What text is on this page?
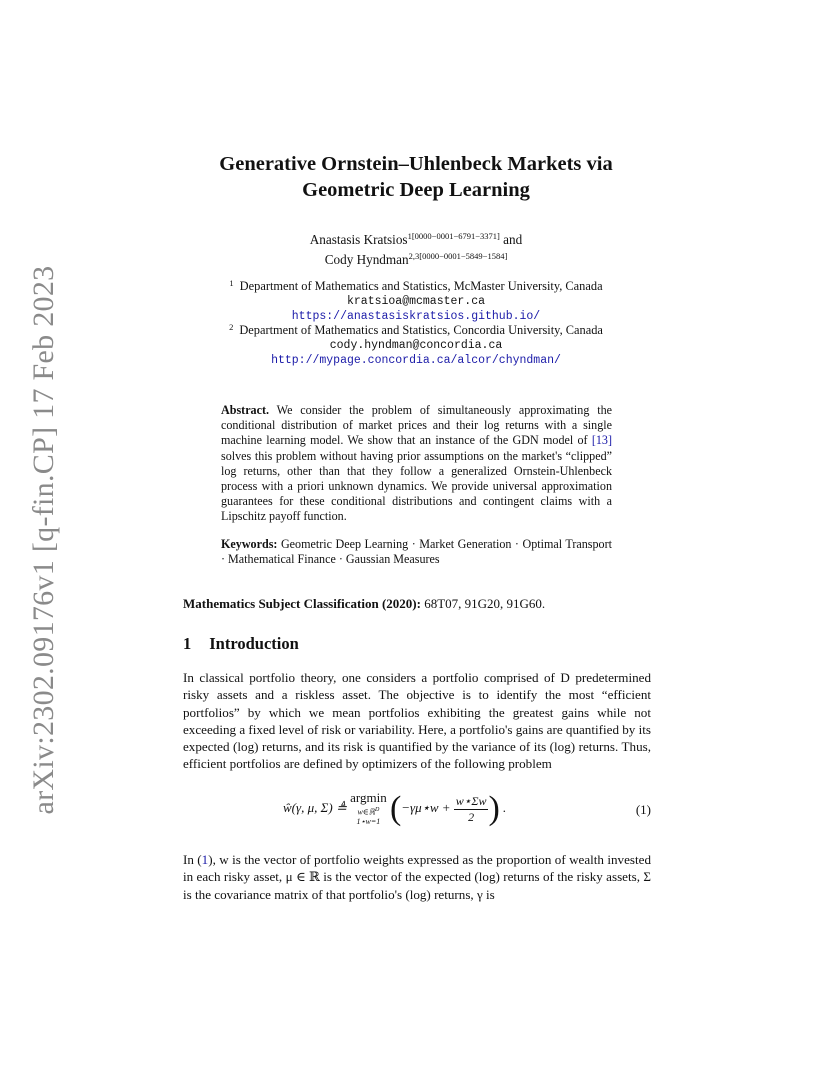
arXiv:2302.09176v1 [q-fin.CP] 17 Feb 2023
Generative Ornstein–Uhlenbeck Markets via
Geometric Deep Learning
Anastasis Kratsios$^{1[0000-0001-6791-3371]}$ and
Cody Hyndman$^{2,3[0000-0001-5849-1584]}$
$^1$ Department of Mathematics and Statistics, McMaster University, Canada
kratsioa@mcmaster.ca
https://anastasiskratsios.github.io/
$^2$ Department of Mathematics and Statistics, Concordia University, Canada
cody.hyndman@concordia.ca
http://mypage.concordia.ca/alcor/chyndman/
Abstract. We consider the problem of simultaneously approximating the conditional distribution of market prices and their log returns with a single machine learning model. We show that an instance of the GDN model of [13] solves this problem without having prior assumptions on the market's “clipped” log returns, other than that they follow a generalized Ornstein-Uhlenbeck process with a priori unknown dynamics. We provide universal approximation guarantees for these conditional distributions and contingent claims with a Lipschitz payoff function.
Keywords: Geometric Deep Learning · Market Generation · Optimal Transport · Mathematical Finance · Gaussian Measures
Mathematics Subject Classification (2020): 68T07, 91G20, 91G60.
1 Introduction
In classical portfolio theory, one considers a portfolio comprised of D predetermined risky assets and a riskless asset. The objective is to identify the most “efficient portfolios” by which we mean portfolios exhibiting the greatest gains while not exceeding a fixed level of risk or variability. Here, a portfolio's gains are quantified by its expected (log) returns, and its risk is quantified by the variance of its (log) returns. Thus, efficient portfolios are defined by optimizers of the following problem
ŵ(γ, μ, Σ) ≜ argmin
w∈ℝ$^D$
1⋆w=1 (−γμ⋆w + $\frac{w⋆\Sigma w}{2}$ ) .	(1)
In (1), w is the vector of portfolio weights expressed as the proportion of wealth invested in each risky asset, μ ∈ ℝ is the vector of the expected (log) returns of the risky assets, Σ is the covariance matrix of that portfolio's (log) returns, γ is
